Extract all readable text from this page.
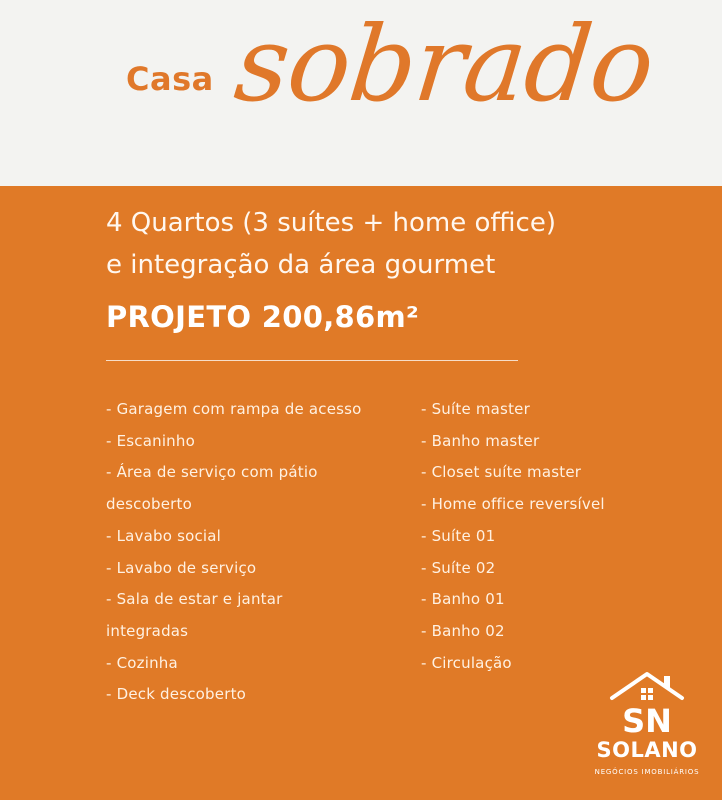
Casa sobrado
4 Quartos (3 suítes + home office)
e integração da área gourmet
PROJETO 200,86m²
- Garagem com rampa de acesso
- Escaninho
- Área de serviço com pátio
descoberto
- Lavabo social
- Lavabo de serviço
- Sala de estar e jantar
integradas
- Cozinha
- Deck descoberto
- Suíte master
- Banho master
- Closet suíte master
- Home office reversível
- Suíte 01
- Suíte 02
- Banho 01
- Banho 02
- Circulação
SN
SOLANO
NEGÓCIOS IMOBILIÁRIOS
